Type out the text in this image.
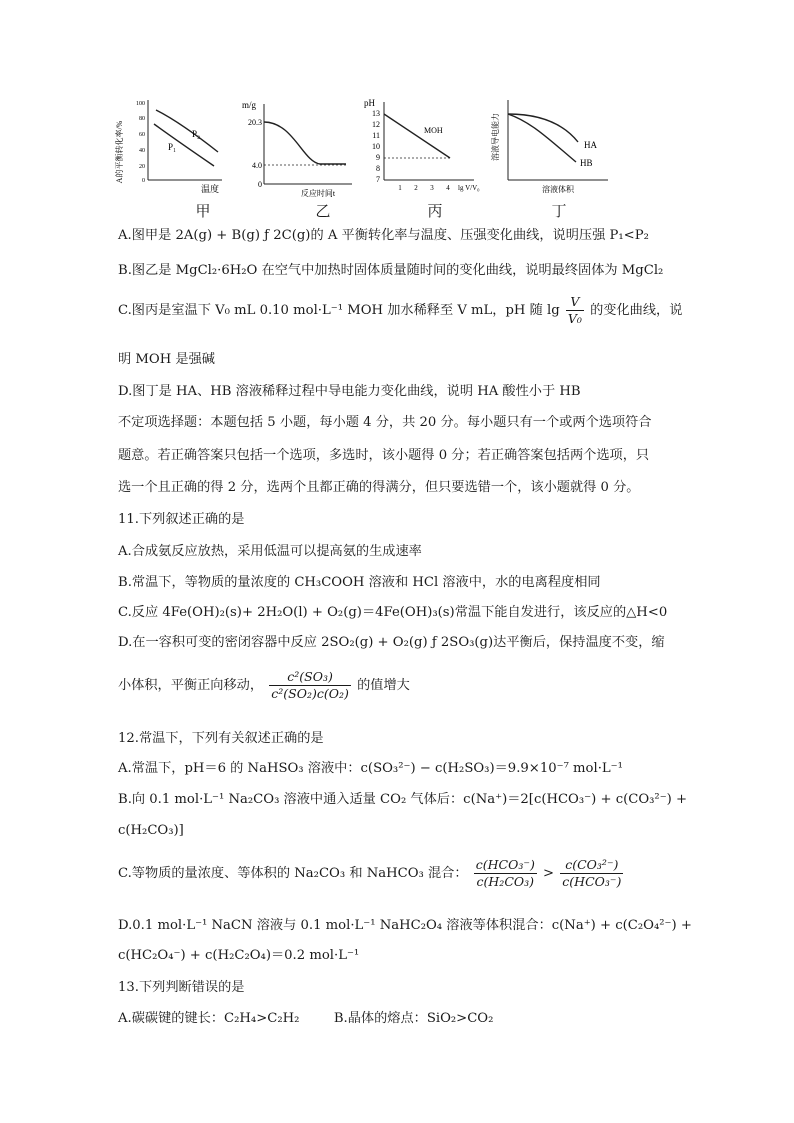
A的平衡转化率/%
100
80
60
40
20
0
P₂
P₁
温度
甲
m/g
20.3
4.0
0
反应时间t
乙
pH
13
12
11
10
9
8
7
MOH
1 2 3 4 lg V/V₀
丙
溶液导电能力	HA
HB
溶液体积
丁
A.图甲是 2A(g) + B(g) ƒ 2C(g)的 A 平衡转化率与温度、压强变化曲线，说明压强 P₁<P₂
B.图乙是 MgCl₂·6H₂O 在空气中加热时固体质量随时间的变化曲线，说明最终固体为 MgCl₂
C.图丙是室温下 V₀ mL 0.10 mol·L⁻¹ MOH 加水稀释至 V mL，pH 随 $\lg \frac{V}{\text{V₀}}$ 的变化曲线，说
明 MOH 是强碱
D.图丁是 HA、HB 溶液稀释过程中导电能力变化曲线，说明 HA 酸性小于 HB
不定项选择题：本题包括 5 小题，每小题 4 分，共 20 分。每小题只有一个或两个选项符合
题意。若正确答案只包括一个选项，多选时，该小题得 0 分；若正确答案包括两个选项，只
选一个且正确的得 2 分，选两个且都正确的得满分，但只要选错一个，该小题就得 0 分。
11.下列叙述正确的是
A.合成氨反应放热，采用低温可以提高氨的生成速率
B.常温下，等物质的量浓度的 CH₃COOH 溶液和 HCl 溶液中，水的电离程度相同
C.反应 4Fe(OH)₂(s)+ 2H₂O(l) + O₂(g)＝4Fe(OH)₃(s)常温下能自发进行，该反应的△H<0
D.在一容积可变的密闭容器中反应 2SO₂(g) + O₂(g) ƒ 2SO₃(g)达平衡后，保持温度不变，缩
小体积，平衡正向移动， $\frac{\text{c²(SO₃)}}{\text{c²(SO₂)c(O₂)}}$ 的值增大
12.常温下，下列有关叙述正确的是
A.常温下，pH＝6 的 NaHSO₃ 溶液中：c(SO₃²⁻) − c(H₂SO₃)＝9.9×10⁻⁷ mol·L⁻¹
B.向 0.1 mol·L⁻¹ Na₂CO₃ 溶液中通入适量 CO₂ 气体后：c(Na⁺)＝2[c(HCO₃⁻) + c(CO₃²⁻) +
c(H₂CO₃)]
C.等物质的量浓度、等体积的 Na₂CO₃ 和 NaHCO₃ 混合： $\frac{\text{c(HCO₃⁻)}}{\text{c(H₂CO₃)}} > \frac{\text{c(CO₃²⁻)}}{\text{c(HCO₃⁻)}}$
D.0.1 mol·L⁻¹ NaCN 溶液与 0.1 mol·L⁻¹ NaHC₂O₄ 溶液等体积混合：c(Na⁺) + c(C₂O₄²⁻) +
c(HC₂O₄⁻) + c(H₂C₂O₄)＝0.2 mol·L⁻¹
13.下列判断错误的是
A.碳碳键的键长：C₂H₄>C₂H₂	B.晶体的熔点：SiO₂>CO₂
